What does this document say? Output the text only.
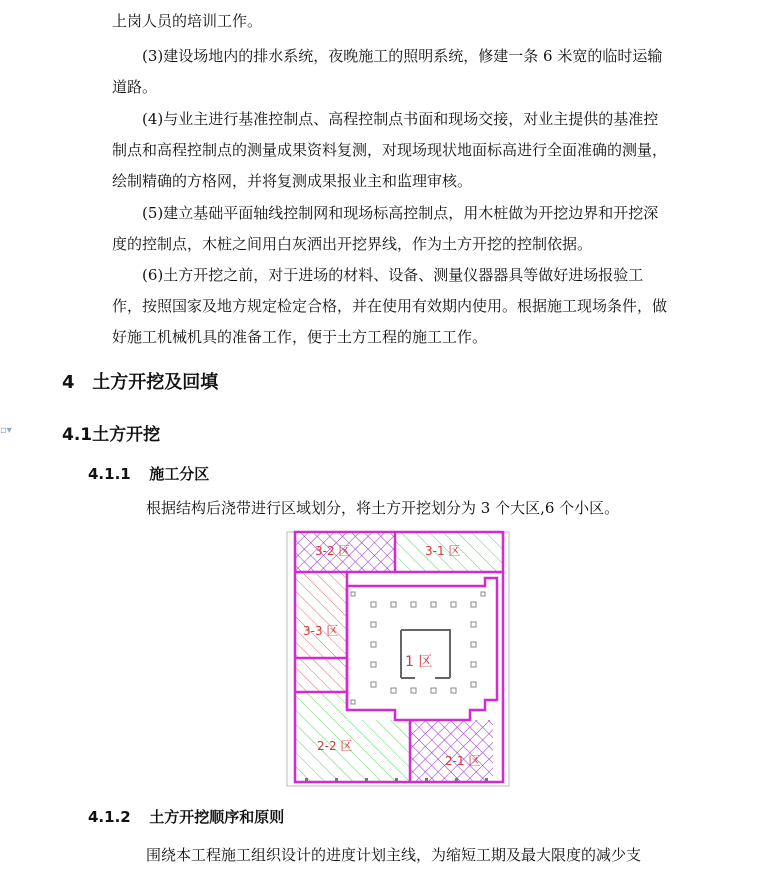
上岗人员的培训工作。

(3)建设场地内的排水系统，夜晚施工的照明系统，修建一条 6 米宽的临时运输道路。

(4)与业主进行基准控制点、高程控制点书面和现场交接，对业主提供的基准控制点和高程控制点的测量成果资料复测，对现场现状地面标高进行全面准确的测量，绘制精确的方格网，并将复测成果报业主和监理审核。

(5)建立基础平面轴线控制网和现场标高控制点，用木桩做为开挖边界和开挖深度的控制点，木桩之间用白灰洒出开挖界线，作为土方开挖的控制依据。

(6)土方开挖之前，对于进场的材料、设备、测量仪器器具等做好进场报验工作，按照国家及地方规定检定合格，并在使用有效期内使用。根据施工现场条件，做好施工机械机具的准备工作，便于土方工程的施工工作。

▫▾
4 土方开挖及回填
4.1土方开挖
4.1.1 施工分区

根据结构后浇带进行区域划分，将土方开挖划分为 3 个大区,6 个小区。

3-2 区	3-1 区
3-3 区
1 区
2-2 区
2-1 区
4.1.2 土方开挖顺序和原则

围绕本工程施工组织设计的进度计划主线，为缩短工期及最大限度的减少支
